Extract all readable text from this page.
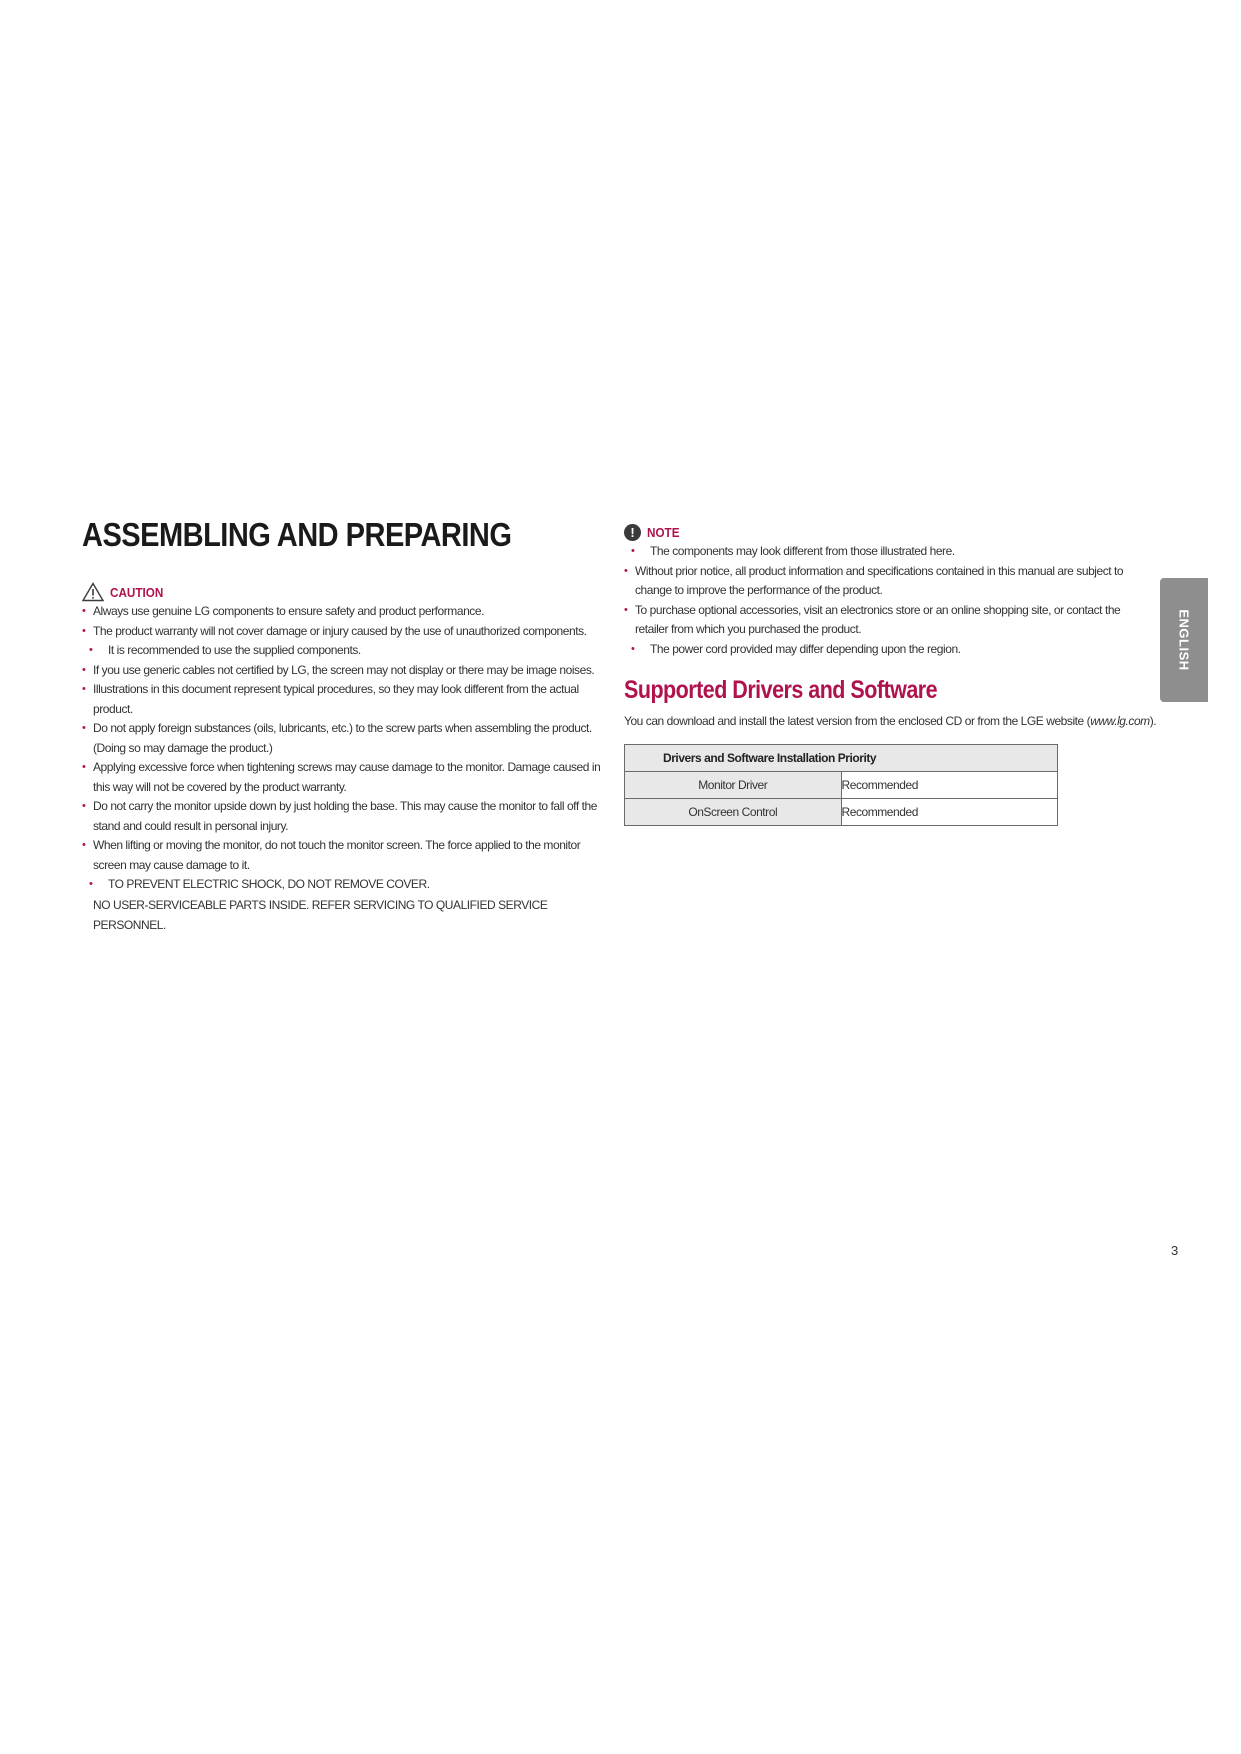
ASSEMBLING AND PREPARING
CAUTION
• Always use genuine LG components to ensure safety and product performance.
• The product warranty will not cover damage or injury caused by the use of unauthorized components.
• It is recommended to use the supplied components.
• If you use generic cables not certified by LG, the screen may not display or there may be image noises.
• Illustrations in this document represent typical procedures, so they may look different from the actual product.
• Do not apply foreign substances (oils, lubricants, etc.) to the screw parts when assembling the product. (Doing so may damage the product.)
• Applying excessive force when tightening screws may cause damage to the monitor. Damage caused in this way will not be covered by the product warranty.
• Do not carry the monitor upside down by just holding the base. This may cause the monitor to fall off the stand and could result in personal injury.
• When lifting or moving the monitor, do not touch the monitor screen. The force applied to the monitor screen may cause damage to it.
• TO PREVENT ELECTRIC SHOCK, DO NOT REMOVE COVER.
NO USER-SERVICEABLE PARTS INSIDE. REFER SERVICING TO QUALIFIED SERVICE PERSONNEL.
! NOTE
• The components may look different from those illustrated here.
• Without prior notice, all product information and specifications contained in this manual are subject to change to improve the performance of the product.
• To purchase optional accessories, visit an electronics store or an online shopping site, or contact the retailer from which you purchased the product.
• The power cord provided may differ depending upon the region.
Supported Drivers and Software
You can download and install the latest version from the enclosed CD or from the LGE website (www.lg.com).
Drivers and Software Installation Priority	
Monitor Driver	Recommended
OnScreen Control	Recommended
ENGLISH
3
